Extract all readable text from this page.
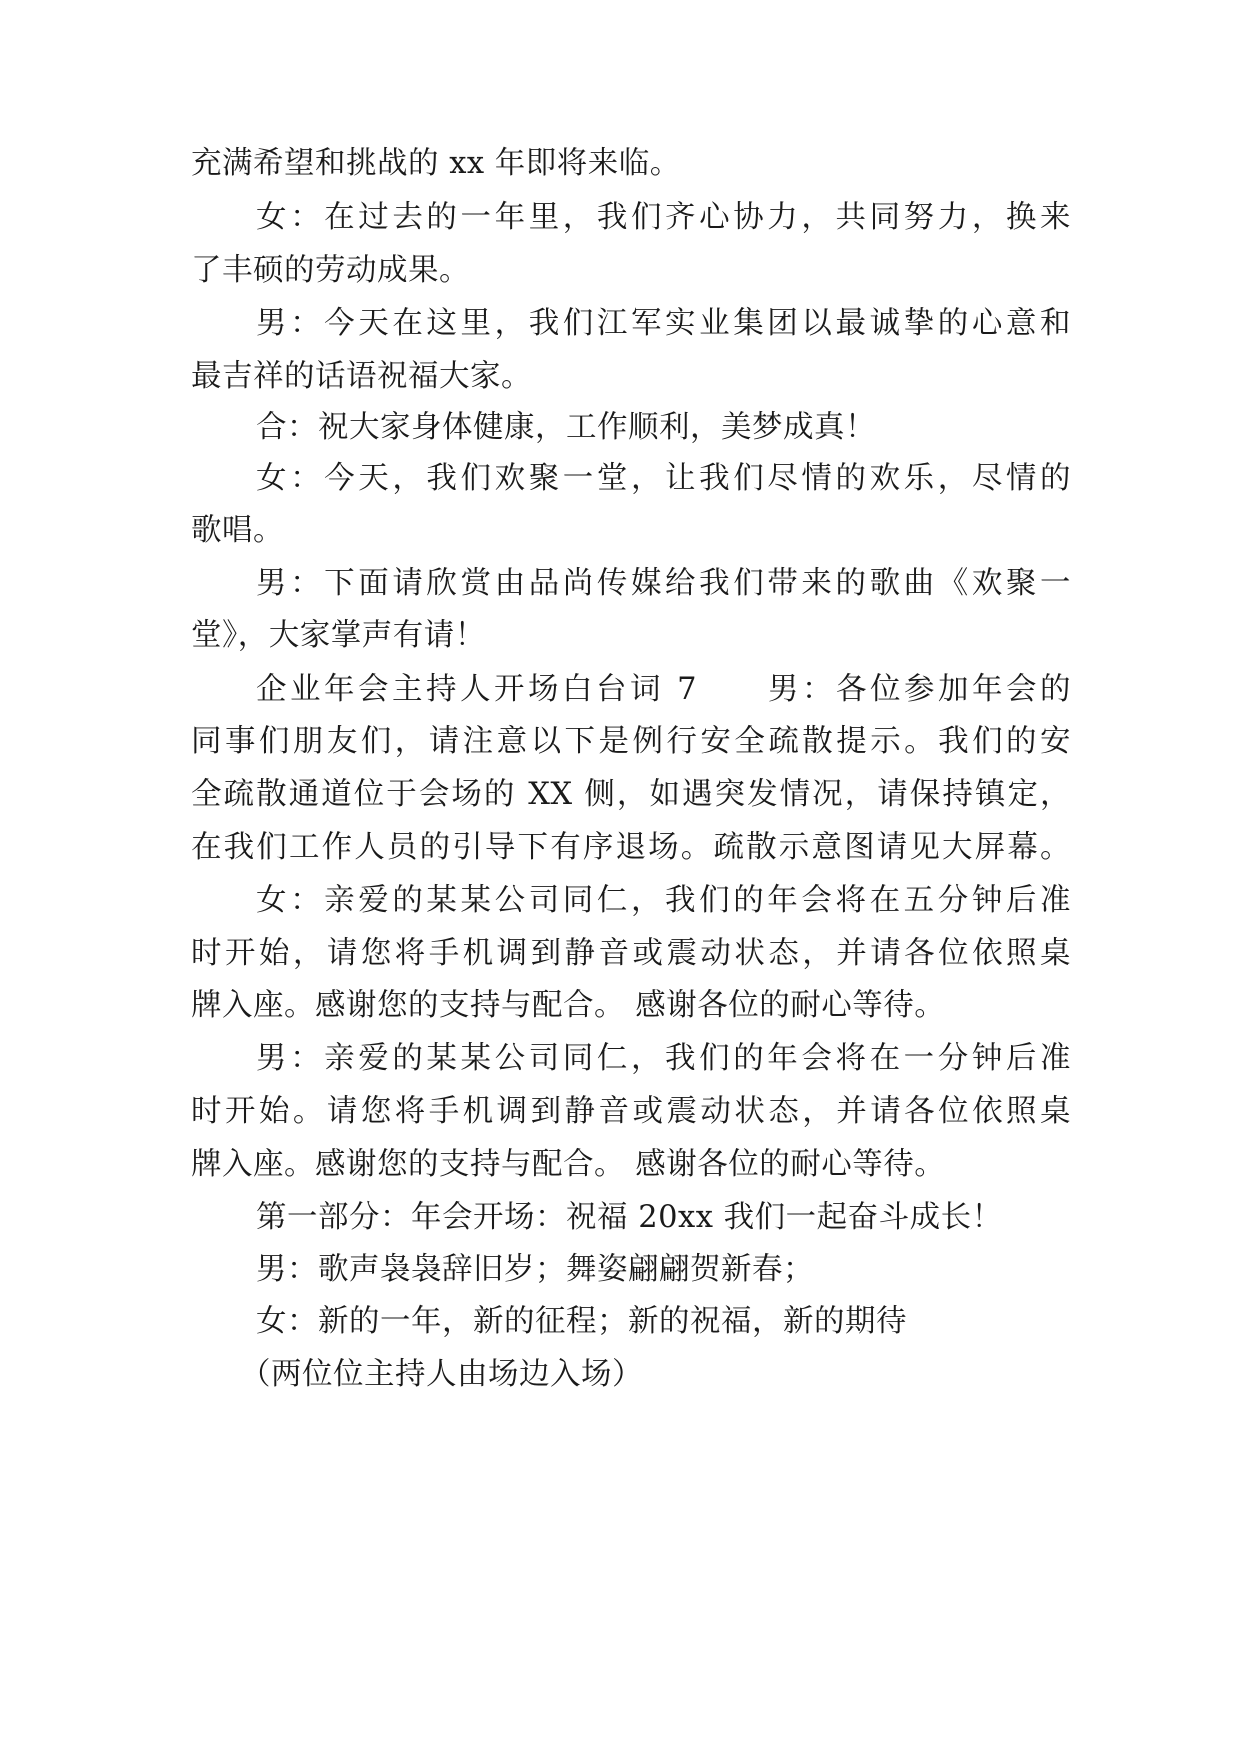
充满希望和挑战的 xx 年即将来临。
女：在过去的一年里，我们齐心协力，共同努力，换来
了丰硕的劳动成果。
男：今天在这里，我们江军实业集团以最诚挚的心意和
最吉祥的话语祝福大家。
合：祝大家身体健康，工作顺利，美梦成真！
女：今天，我们欢聚一堂，让我们尽情的欢乐，尽情的
歌唱。
男：下面请欣赏由品尚传媒给我们带来的歌曲《欢聚一
堂》，大家掌声有请！
企业年会主持人开场白台词 7　　男：各位参加年会的
同事们朋友们，请注意以下是例行安全疏散提示。我们的安
全疏散通道位于会场的 XX 侧，如遇突发情况，请保持镇定，
在我们工作人员的引导下有序退场。疏散示意图请见大屏幕。
女：亲爱的某某公司同仁，我们的年会将在五分钟后准
时开始，请您将手机调到静音或震动状态，并请各位依照桌
牌入座。感谢您的支持与配合。 感谢各位的耐心等待。
男：亲爱的某某公司同仁，我们的年会将在一分钟后准
时开始。请您将手机调到静音或震动状态，并请各位依照桌
牌入座。感谢您的支持与配合。 感谢各位的耐心等待。
第一部分：年会开场：祝福 20xx 我们一起奋斗成长！
男：歌声袅袅辞旧岁；舞姿翩翩贺新春；
女：新的一年，新的征程；新的祝福，新的期待
（两位位主持人由场边入场）
